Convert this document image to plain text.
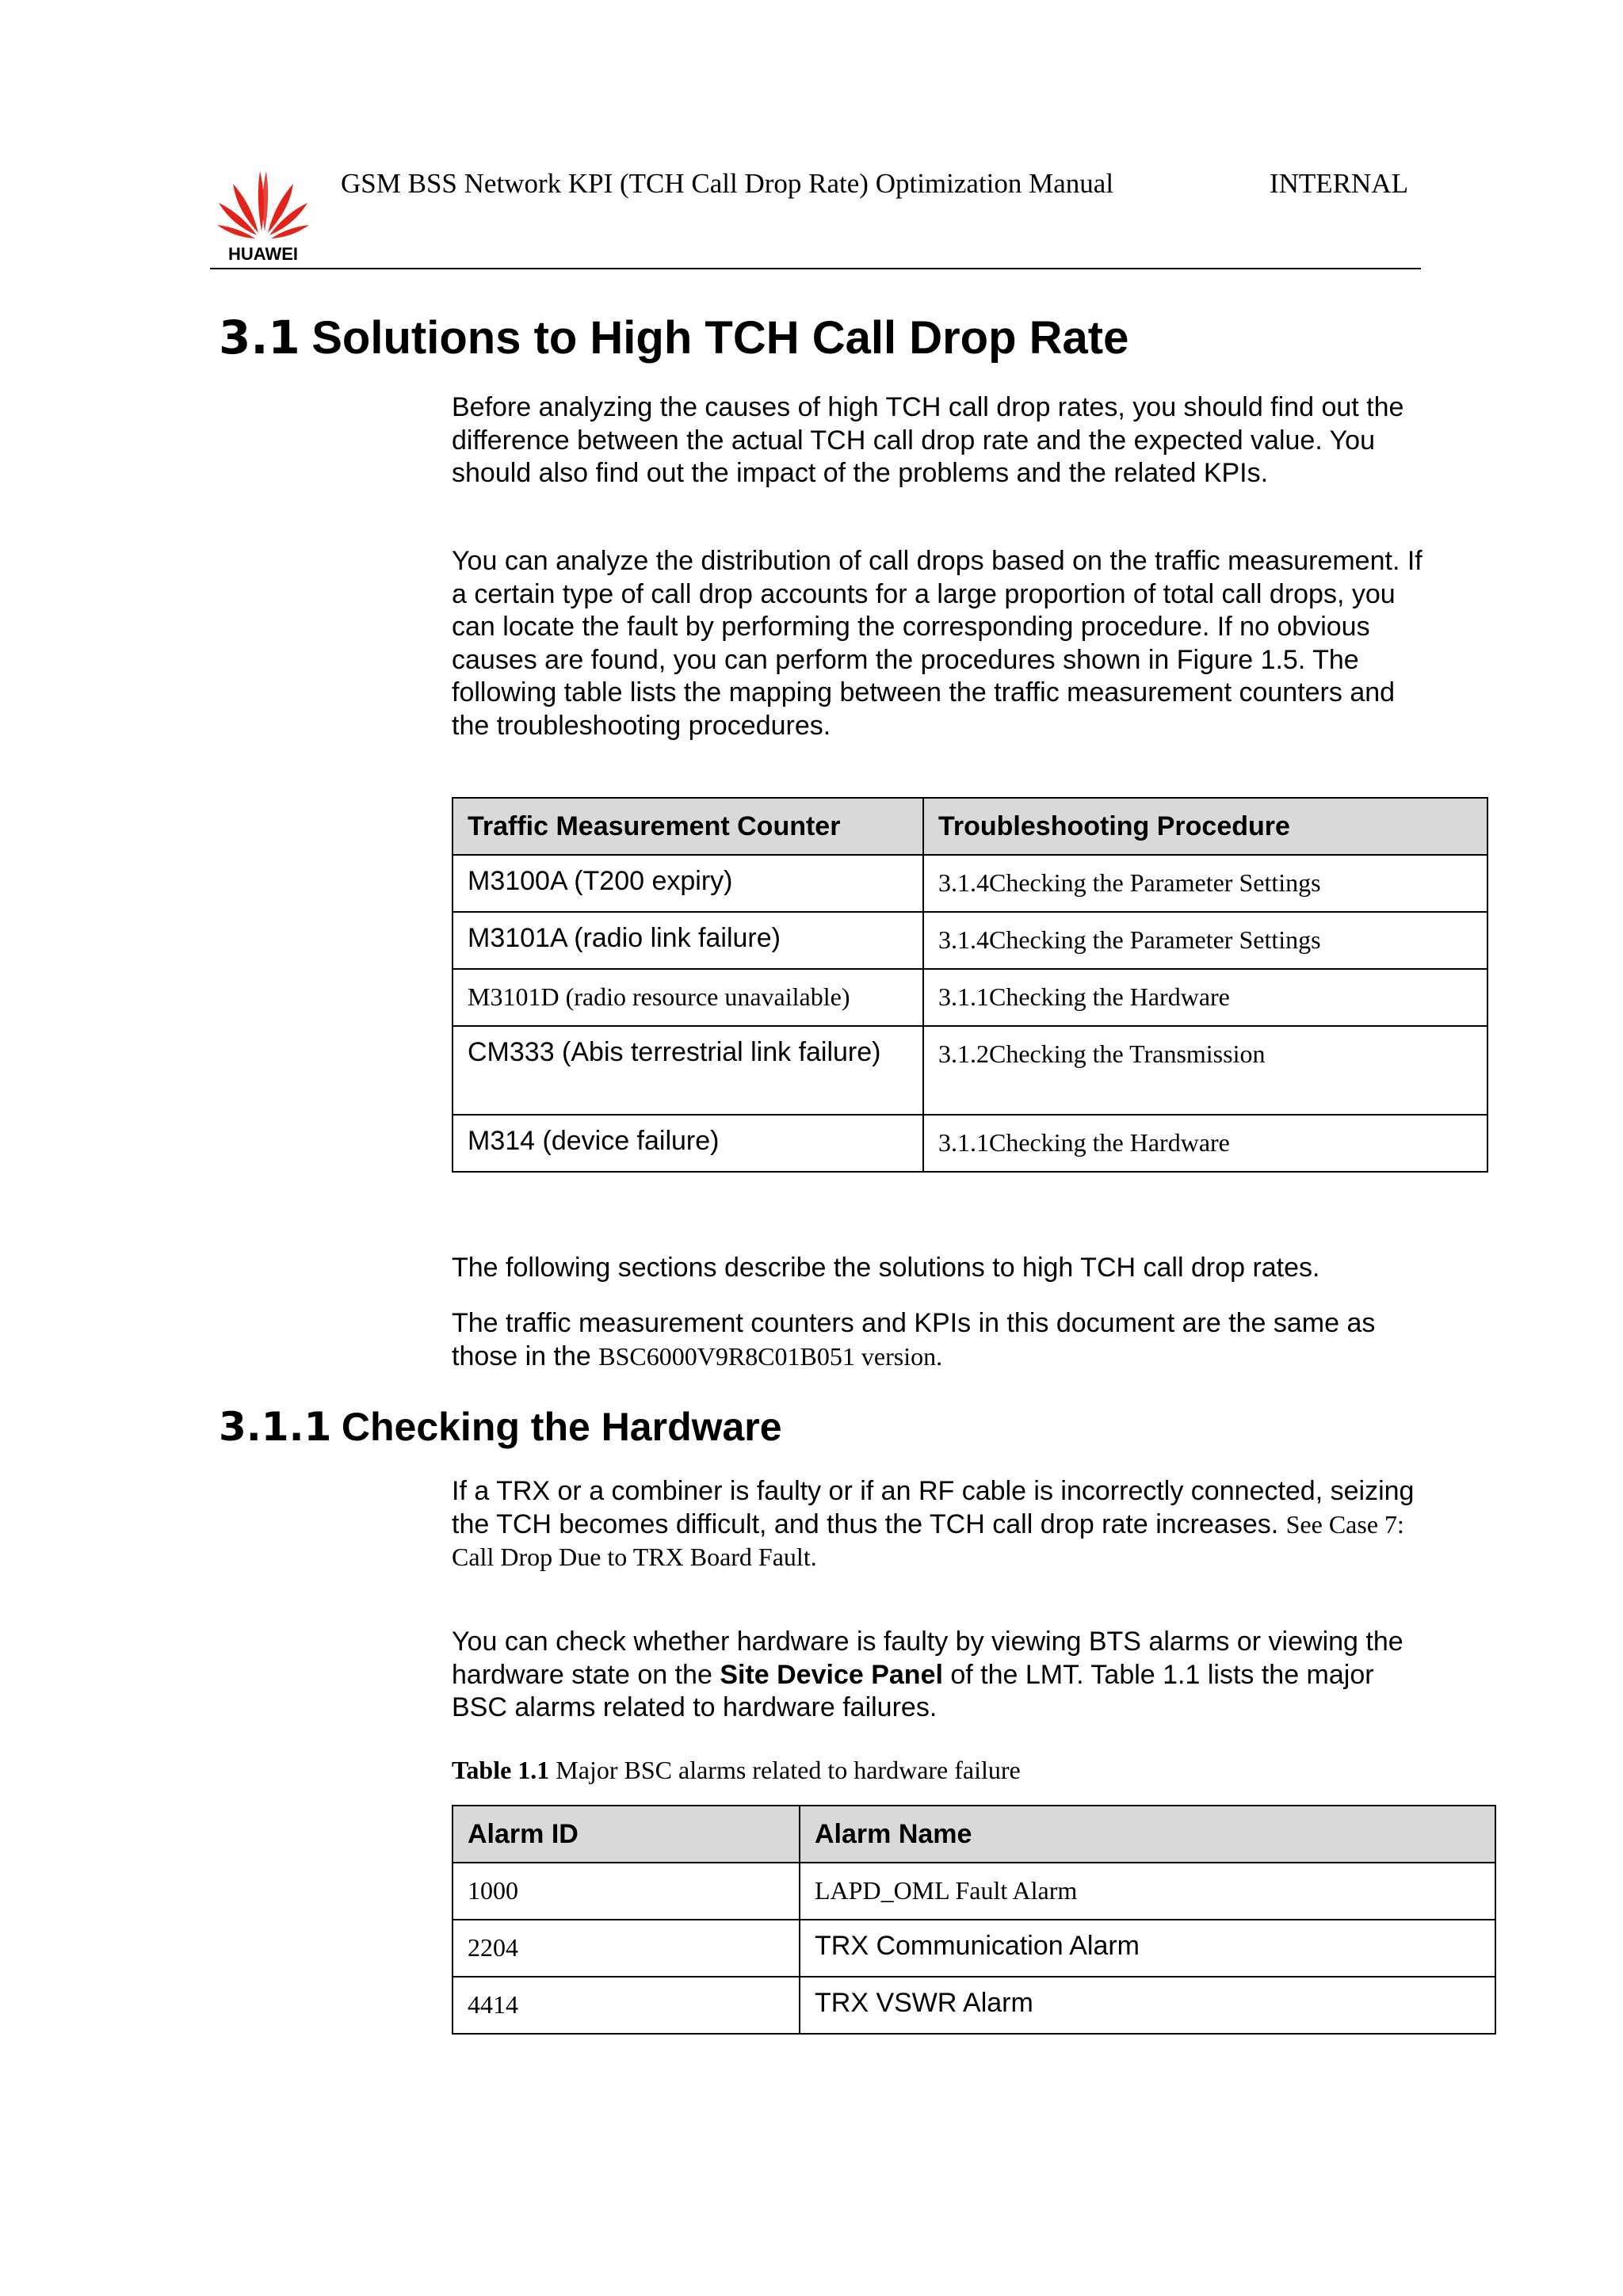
HUAWEI
GSM BSS Network KPI (TCH Call Drop Rate) Optimization Manual	INTERNAL
3.1 Solutions to High TCH Call Drop Rate
Before analyzing the causes of high TCH call drop rates, you should find out the difference between the actual TCH call drop rate and the expected value. You should also find out the impact of the problems and the related KPIs.
You can analyze the distribution of call drops based on the traffic measurement. If a certain type of call drop accounts for a large proportion of total call drops, you can locate the fault by performing the corresponding procedure. If no obvious causes are found, you can perform the procedures shown in Figure 1.5. The following table lists the mapping between the traffic measurement counters and the troubleshooting procedures.
Traffic Measurement Counter	Troubleshooting Procedure
M3100A (T200 expiry)	3.1.4Checking the Parameter Settings
M3101A (radio link failure)	3.1.4Checking the Parameter Settings
M3101D (radio resource unavailable)	3.1.1Checking the Hardware
CM333 (Abis terrestrial link failure)	3.1.2Checking the Transmission
M314 (device failure)	3.1.1Checking the Hardware
The following sections describe the solutions to high TCH call drop rates.
The traffic measurement counters and KPIs in this document are the same as those in the BSC6000V9R8C01B051 version.
3.1.1 Checking the Hardware
If a TRX or a combiner is faulty or if an RF cable is incorrectly connected, seizing the TCH becomes difficult, and thus the TCH call drop rate increases. See Case 7: Call Drop Due to TRX Board Fault.
You can check whether hardware is faulty by viewing BTS alarms or viewing the hardware state on the Site Device Panel of the LMT. Table 1.1 lists the major BSC alarms related to hardware failures.
Table 1.1 Major BSC alarms related to hardware failure
Alarm ID	Alarm Name
1000	LAPD_OML Fault Alarm
2204	TRX Communication Alarm
4414	TRX VSWR Alarm
